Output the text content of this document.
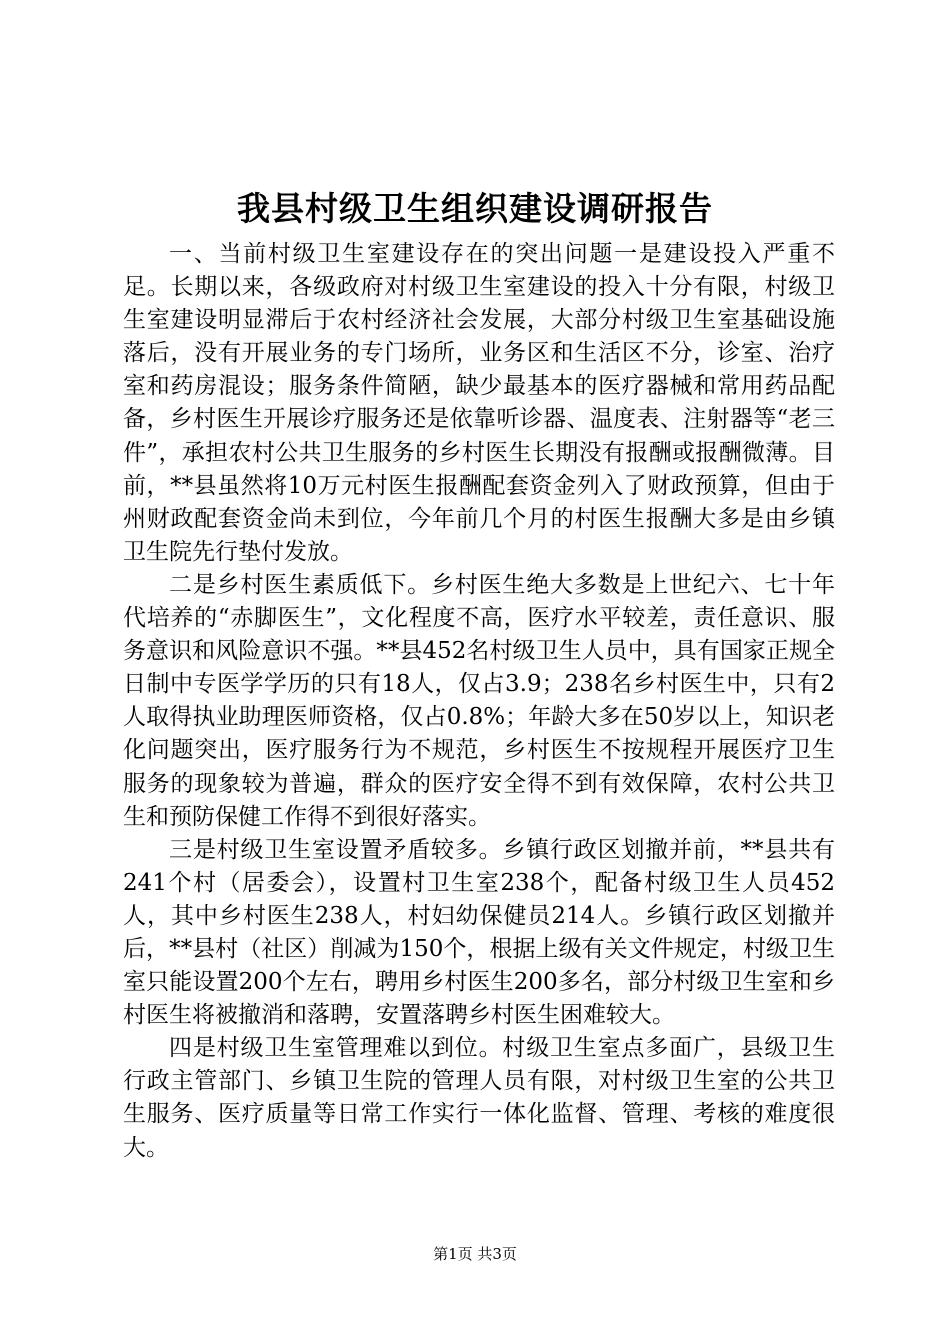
我县村级卫生组织建设调研报告

一、当前村级卫生室建设存在的突出问题一是建设投入严重不足。长期以来，各级政府对村级卫生室建设的投入十分有限，村级卫生室建设明显滞后于农村经济社会发展，大部分村级卫生室基础设施落后，没有开展业务的专门场所，业务区和生活区不分，诊室、治疗室和药房混设；服务条件简陋，缺少最基本的医疗器械和常用药品配备，乡村医生开展诊疗服务还是依靠听诊器、温度表、注射器等“老三件”，承担农村公共卫生服务的乡村医生长期没有报酬或报酬微薄。目前，**县虽然将10万元村医生报酬配套资金列入了财政预算，但由于州财政配套资金尚未到位，今年前几个月的村医生报酬大多是由乡镇卫生院先行垫付发放。

二是乡村医生素质低下。乡村医生绝大多数是上世纪六、七十年代培养的“赤脚医生”，文化程度不高，医疗水平较差，责任意识、服务意识和风险意识不强。**县452名村级卫生人员中，具有国家正规全日制中专医学学历的只有18人，仅占3.9；238名乡村医生中，只有2人取得执业助理医师资格，仅占0.8%；年龄大多在50岁以上，知识老化问题突出，医疗服务行为不规范，乡村医生不按规程开展医疗卫生服务的现象较为普遍，群众的医疗安全得不到有效保障，农村公共卫生和预防保健工作得不到很好落实。

三是村级卫生室设置矛盾较多。乡镇行政区划撤并前，**县共有241个村（居委会），设置村卫生室238个，配备村级卫生人员452人，其中乡村医生238人，村妇幼保健员214人。乡镇行政区划撤并后，**县村（社区）削减为150个，根据上级有关文件规定，村级卫生室只能设置200个左右，聘用乡村医生200多名，部分村级卫生室和乡村医生将被撤消和落聘，安置落聘乡村医生困难较大。

四是村级卫生室管理难以到位。村级卫生室点多面广，县级卫生行政主管部门、乡镇卫生院的管理人员有限，对村级卫生室的公共卫生服务、医疗质量等日常工作实行一体化监督、管理、考核的难度很大。

第1页 共3页
